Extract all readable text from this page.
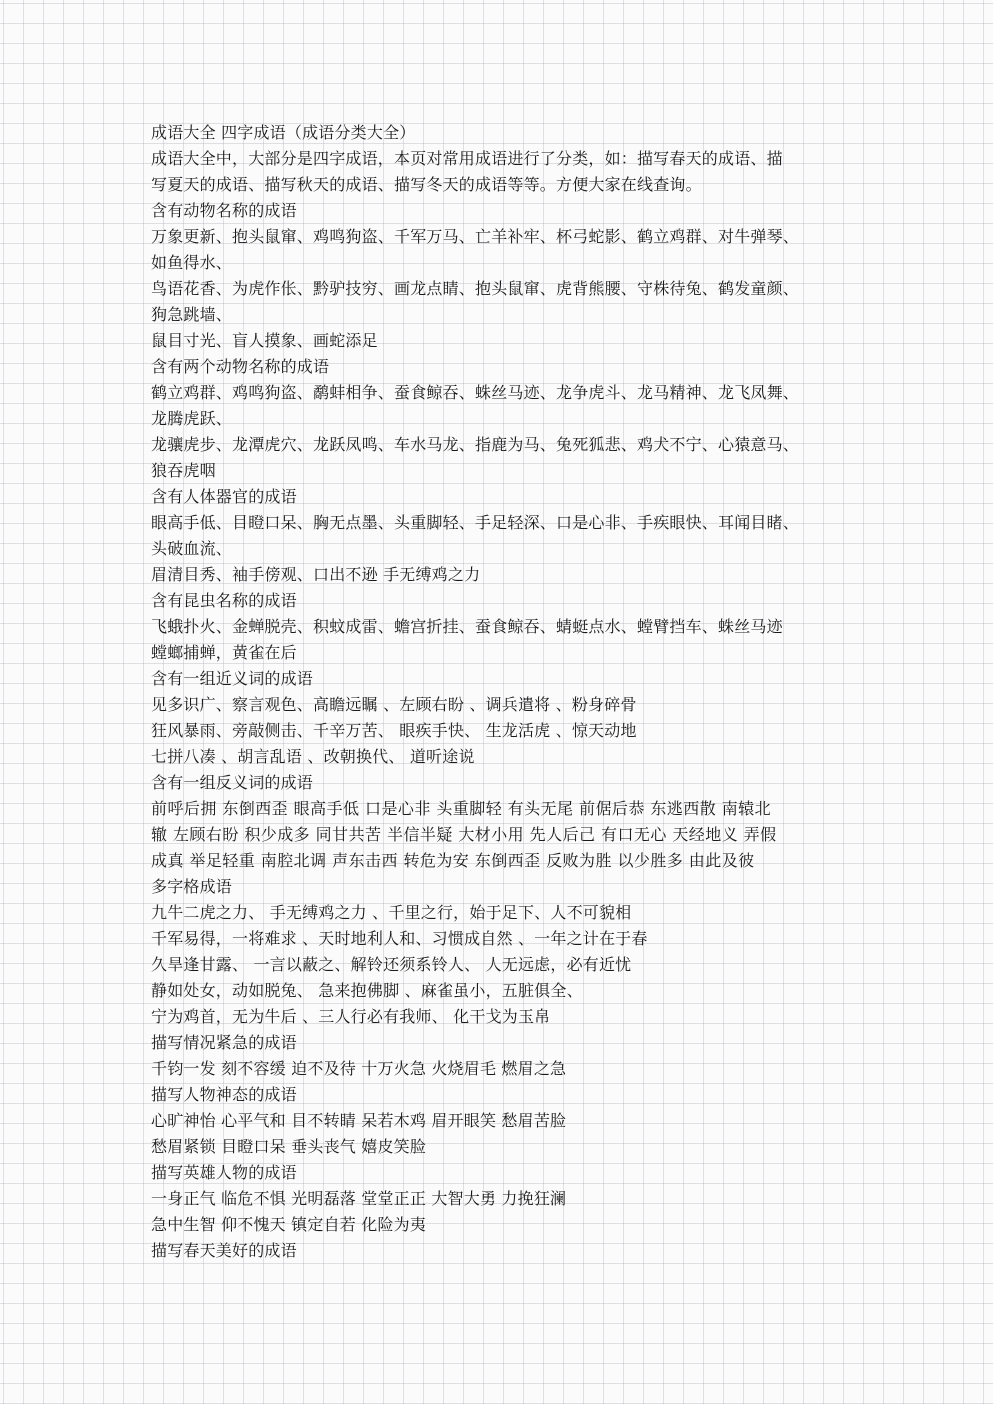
成语大全 四字成语（成语分类大全）
成语大全中，大部分是四字成语，本页对常用成语进行了分类，如：描写春天的成语、描
写夏天的成语、描写秋天的成语、描写冬天的成语等等。方便大家在线查询。
含有动物名称的成语
万象更新、抱头鼠窜、鸡鸣狗盗、千军万马、亡羊补牢、杯弓蛇影、鹤立鸡群、对牛弹琴、
如鱼得水、
鸟语花香、为虎作伥、黔驴技穷、画龙点睛、抱头鼠窜、虎背熊腰、守株待兔、鹤发童颜、
狗急跳墙、
鼠目寸光、盲人摸象、画蛇添足
含有两个动物名称的成语
鹤立鸡群、鸡鸣狗盗、鹬蚌相争、蚕食鲸吞、蛛丝马迹、龙争虎斗、龙马精神、龙飞凤舞、
龙腾虎跃、
龙骧虎步、龙潭虎穴、龙跃凤鸣、车水马龙、指鹿为马、兔死狐悲、鸡犬不宁、心猿意马、
狼吞虎咽
含有人体器官的成语
眼高手低、目瞪口呆、胸无点墨、头重脚轻、手足轻深、口是心非、手疾眼快、耳闻目睹、
头破血流、
眉清目秀、袖手傍观、口出不逊 手无缚鸡之力
含有昆虫名称的成语
飞蛾扑火、金蝉脱壳、积蚊成雷、蟾宫折挂、蚕食鲸吞、蜻蜓点水、螳臂挡车、蛛丝马迹
螳螂捕蝉，黄雀在后
含有一组近义词的成语
见多识广、察言观色、高瞻远瞩 、左顾右盼 、调兵遣将 、粉身碎骨
狂风暴雨、旁敲侧击、千辛万苦、 眼疾手快、 生龙活虎 、惊天动地
七拼八凑 、胡言乱语 、改朝换代、 道听途说
含有一组反义词的成语
前呼后拥 东倒西歪 眼高手低 口是心非 头重脚轻 有头无尾 前倨后恭 东逃西散 南辕北
辙 左顾右盼 积少成多 同甘共苦 半信半疑 大材小用 先人后己 有口无心 天经地义 弄假
成真 举足轻重 南腔北调 声东击西 转危为安 东倒西歪 反败为胜 以少胜多 由此及彼
多字格成语
九牛二虎之力、 手无缚鸡之力 、千里之行，始于足下、人不可貌相
千军易得，一将难求 、天时地利人和、习惯成自然 、一年之计在于春
久旱逢甘露、 一言以蔽之、解铃还须系铃人、 人无远虑，必有近忧
静如处女，动如脱兔、 急来抱佛脚 、麻雀虽小，五脏俱全、
宁为鸡首，无为牛后 、三人行必有我师、 化干戈为玉帛
描写情况紧急的成语
千钧一发 刻不容缓 迫不及待 十万火急 火烧眉毛 燃眉之急
描写人物神态的成语
心旷神怡 心平气和 目不转睛 呆若木鸡 眉开眼笑 愁眉苦脸
愁眉紧锁 目瞪口呆 垂头丧气 嬉皮笑脸
描写英雄人物的成语
一身正气 临危不惧 光明磊落 堂堂正正 大智大勇 力挽狂澜
急中生智 仰不愧天 镇定自若 化险为夷
描写春天美好的成语
